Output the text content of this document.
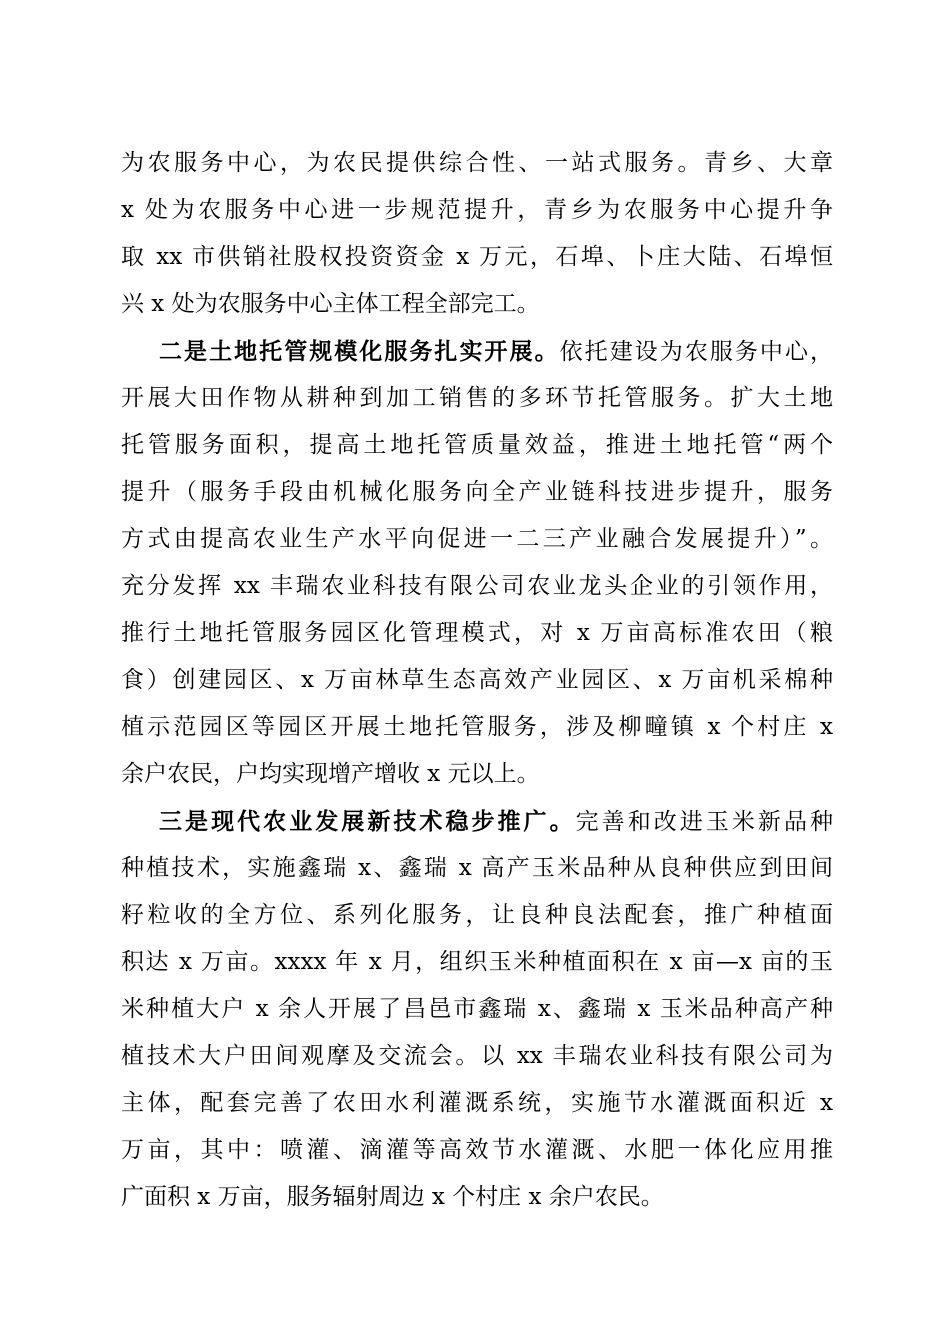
为农服务中心，为农民提供综合性、一站式服务。青乡、大章
x 处为农服务中心进一步规范提升，青乡为农服务中心提升争
取 xx 市供销社股权投资资金 x 万元，石埠、卜庄大陆、石埠恒
兴 x 处为农服务中心主体工程全部完工。
二是土地托管规模化服务扎实开展。依托建设为农服务中心，
开展大田作物从耕种到加工销售的多环节托管服务。扩大土地
托管服务面积，提高土地托管质量效益，推进土地托管“两个
提升（服务手段由机械化服务向全产业链科技进步提升，服务
方式由提高农业生产水平向促进一二三产业融合发展提升）”。
充分发挥 xx 丰瑞农业科技有限公司农业龙头企业的引领作用，
推行土地托管服务园区化管理模式，对 x 万亩高标准农田（粮
食）创建园区、x 万亩林草生态高效产业园区、x 万亩机采棉种
植示范园区等园区开展土地托管服务，涉及柳疃镇 x 个村庄 x
余户农民，户均实现增产增收 x 元以上。
三是现代农业发展新技术稳步推广。完善和改进玉米新品种
种植技术，实施鑫瑞 x、鑫瑞 x 高产玉米品种从良种供应到田间
籽粒收的全方位、系列化服务，让良种良法配套，推广种植面
积达 x 万亩。xxxx 年 x 月，组织玉米种植面积在 x 亩—x 亩的玉
米种植大户 x 余人开展了昌邑市鑫瑞 x、鑫瑞 x 玉米品种高产种
植技术大户田间观摩及交流会。以 xx 丰瑞农业科技有限公司为
主体，配套完善了农田水利灌溉系统，实施节水灌溉面积近 x
万亩，其中：喷灌、滴灌等高效节水灌溉、水肥一体化应用推
广面积 x 万亩，服务辐射周边 x 个村庄 x 余户农民。
